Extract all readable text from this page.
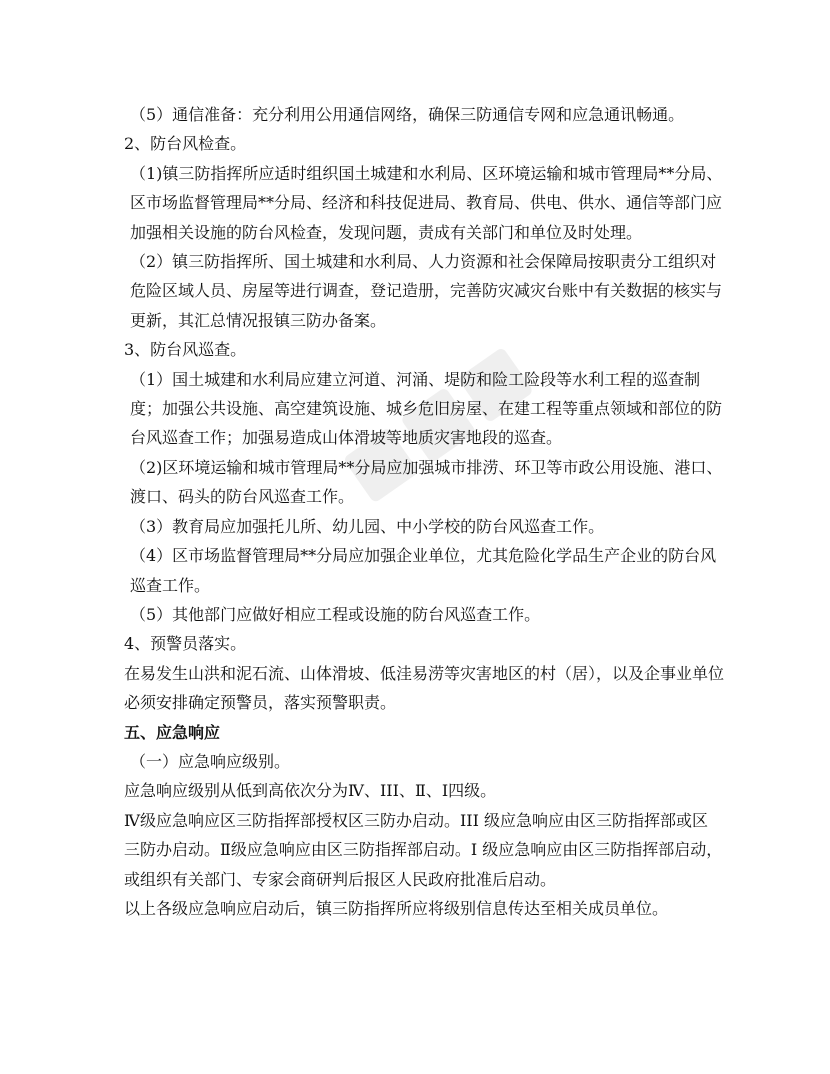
（5）通信准备：充分利用公用通信网络，确保三防通信专网和应急通讯畅通。

2、防台风检查。

（1)镇三防指挥所应适时组织国土城建和水利局、区环境运输和城市管理局**分局、区市场监督管理局**分局、经济和科技促进局、教育局、供电、供水、通信等部门应加强相关设施的防台风检查，发现问题，责成有关部门和单位及时处理。

（2）镇三防指挥所、国土城建和水利局、人力资源和社会保障局按职责分工组织对危险区域人员、房屋等进行调查，登记造册，完善防灾减灾台账中有关数据的核实与更新，其汇总情况报镇三防办备案。

3、防台风巡查。

（1）国土城建和水利局应建立河道、河涌、堤防和险工险段等水利工程的巡查制度；加强公共设施、高空建筑设施、城乡危旧房屋、在建工程等重点领域和部位的防台风巡查工作；加强易造成山体滑坡等地质灾害地段的巡查。

（2)区环境运输和城市管理局**分局应加强城市排涝、环卫等市政公用设施、港口、渡口、码头的防台风巡查工作。

（3）教育局应加强托儿所、幼儿园、中小学校的防台风巡查工作。

（4）区市场监督管理局**分局应加强企业单位，尤其危险化学品生产企业的防台风巡查工作。

（5）其他部门应做好相应工程或设施的防台风巡查工作。

4、预警员落实。

在易发生山洪和泥石流、山体滑坡、低洼易涝等灾害地区的村（居），以及企事业单位必须安排确定预警员，落实预警职责。

五、应急响应

（一）应急响应级别。

应急响应级别从低到高依次分为Ⅳ、III、Ⅱ、Ⅰ四级。

Ⅳ级应急响应区三防指挥部授权区三防办启动。III 级应急响应由区三防指挥部或区三防办启动。Ⅱ级应急响应由区三防指挥部启动。Ⅰ 级应急响应由区三防指挥部启动，或组织有关部门、专家会商研判后报区人民政府批准后启动。

以上各级应急响应启动后，镇三防指挥所应将级别信息传达至相关成员单位。
